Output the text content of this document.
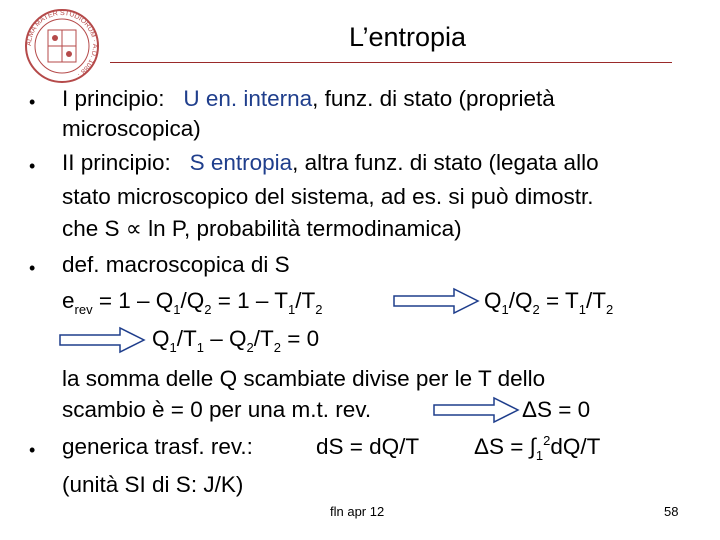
ALMA MATER STUDIORUM · A.D. 1088 ·
L’entropia
• I principio: U en. interna, funz. di stato (proprietà
microscopica)
• II principio: S entropia, altra funz. di stato (legata allo
stato microscopico del sistema, ad es. si può dimostr.
che S ∝ ln P, probabilità termodinamica)
• def. macroscopica di S
$e_{rev} = 1 - Q_1/Q_2 = 1 - T_1/T_2$	$Q_1/Q_2 = T_1/T_2$
$Q_1/T_1 - Q_2/T_2 = 0$
la somma delle Q scambiate divise per le T dello
scambio è = 0 per una m.t. rev.	ΔS = 0
• generica trasf. rev.:	dS = dQ/T $\Delta S = \int_1^2dQ/T$
(unità SI di S: J/K)
fln apr 12	58
